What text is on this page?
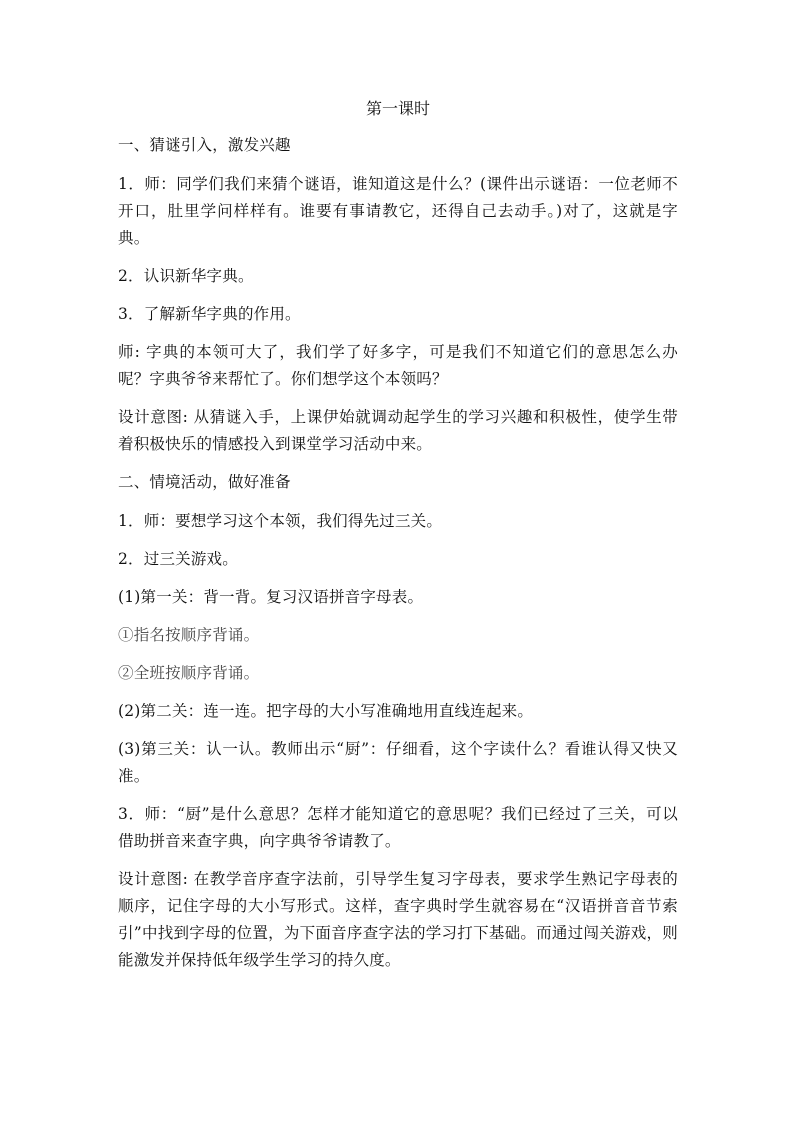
第一课时
一、猜谜引入，激发兴趣
1．师：同学们我们来猜个谜语，谁知道这是什么？(课件出示谜语：一位老师不开口，肚里学问样样有。谁要有事请教它，还得自己去动手。)对了，这就是字典。
2．认识新华字典。
3．了解新华字典的作用。
师: 字典的本领可大了，我们学了好多字，可是我们不知道它们的意思怎么办呢？字典爷爷来帮忙了。你们想学这个本领吗？
设计意图: 从猜谜入手，上课伊始就调动起学生的学习兴趣和积极性，使学生带着积极快乐的情感投入到课堂学习活动中来。
二、情境活动，做好准备
1．师：要想学习这个本领，我们得先过三关。
2．过三关游戏。
(1)第一关：背一背。复习汉语拼音字母表。
①指名按顺序背诵。
②全班按顺序背诵。
(2)第二关：连一连。把字母的大小写准确地用直线连起来。
(3)第三关：认一认。教师出示“厨”：仔细看，这个字读什么？看谁认得又快又准。
3．师：“厨”是什么意思？怎样才能知道它的意思呢？我们已经过了三关，可以借助拼音来查字典，向字典爷爷请教了。
设计意图: 在教学音序查字法前，引导学生复习字母表，要求学生熟记字母表的顺序，记住字母的大小写形式。这样，查字典时学生就容易在“汉语拼音音节索引”中找到字母的位置，为下面音序查字法的学习打下基础。而通过闯关游戏，则能激发并保持低年级学生学习的持久度。
